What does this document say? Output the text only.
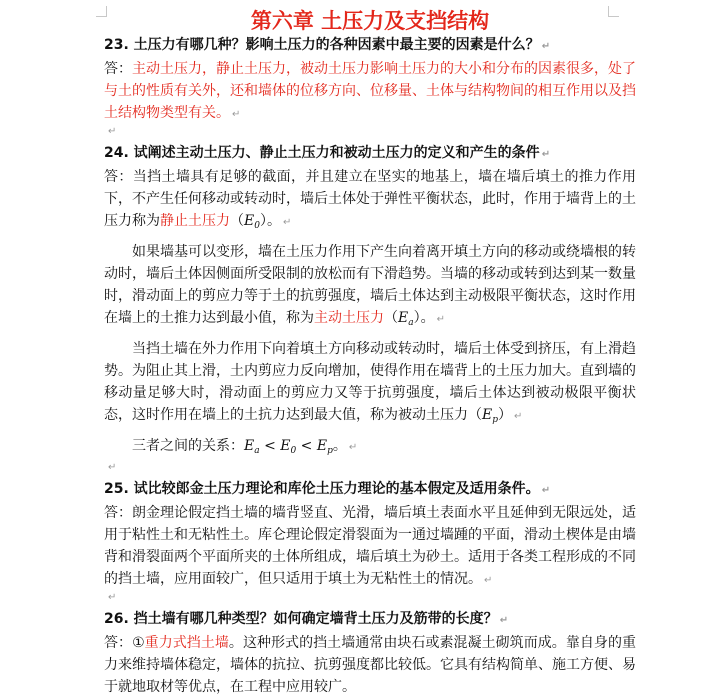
第六章 土压力及支挡结构

23. 土压力有哪几种？影响土压力的各种因素中最主要的因素是什么？ ↵

答：主动土压力，静止土压力，被动土压力影响土压力的大小和分布的因素很多，处了与土的性质有关外，还和墙体的位移方向、位移量、土体与结构物间的相互作用以及挡土结构物类型有关。 ↵

↵

24. 试阐述主动土压力、静止土压力和被动土压力的定义和产生的条件 ↵

答：当挡土墙具有足够的截面，并且建立在坚实的地基上，墙在墙后填土的推力作用下，不产生任何移动或转动时，墙后土体处于弹性平衡状态，此时，作用于墙背上的土压力称为静止土压力$(E_0)$。 ↵

如果墙基可以变形，墙在土压力作用下产生向着离开填土方向的移动或绕墙根的转动时，墙后土体因侧面所受限制的放松而有下滑趋势。当墙的移动或转到达到某一数量时，滑动面上的剪应力等于土的抗剪强度，墙后土体达到主动极限平衡状态，这时作用在墙上的土推力达到最小值，称为主动土压力$(E_a)$。 ↵

当挡土墙在外力作用下向着填土方向移动或转动时，墙后土体受到挤压，有上滑趋势。为阻止其上滑，土内剪应力反向增加，使得作用在墙背上的土压力加大。直到墙的移动量足够大时，滑动面上的剪应力又等于抗剪强度，墙后土体达到被动极限平衡状态，这时作用在墙上的土抗力达到最大值，称为被动土压力$(E_p)$ ↵

三者之间的关系：$E_a < E_0 < E_p$。 ↵

↵

25. 试比较郎金土压力理论和库伦土压力理论的基本假定及适用条件。 ↵

答：朗金理论假定挡土墙的墙背竖直、光滑，墙后填土表面水平且延伸到无限远处，适用于粘性土和无粘性土。库仑理论假定滑裂面为一通过墙踵的平面，滑动土楔体是由墙背和滑裂面两个平面所夹的土体所组成，墙后填土为砂土。适用于各类工程形成的不同的挡土墙，应用面较广，但只适用于填土为无粘性土的情况。 ↵

↵

26. 挡土墙有哪几种类型？如何确定墙背土压力及筋带的长度？ ↵

答：①重力式挡土墙。这种形式的挡土墙通常由块石或素混凝土砌筑而成。靠自身的重力来维持墙体稳定，墙体的抗拉、抗剪强度都比较低。它具有结构简单、施工方便、易于就地取材等优点，在工程中应用较广。
